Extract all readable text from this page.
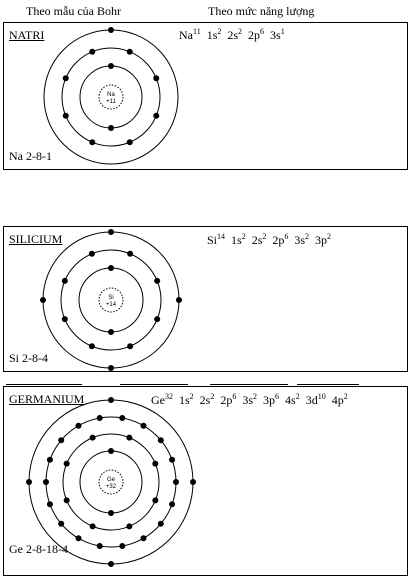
Theo mẫu của Bohr	Theo mức năng lượng
NATRI	Na$^{11}$ $1s^2$ $2s^2$ $2p^6$ $3s^1$
Na
+11
Na 2-8-1
SILICIUM	Si$^{14}$ $1s^2$ $2s^2$ $2p^6$ $3s^2$ $3p^2$
Si
+14
Si 2-8-4
GERMANIUM	Ge$^{32}$ $1s^2$ $2s^2$ $2p^6$ $3s^2$ $3p^6$ $4s^2$ $3d^{10}$ $4p^2$
Ge
+32
Ge 2-8-18-4
